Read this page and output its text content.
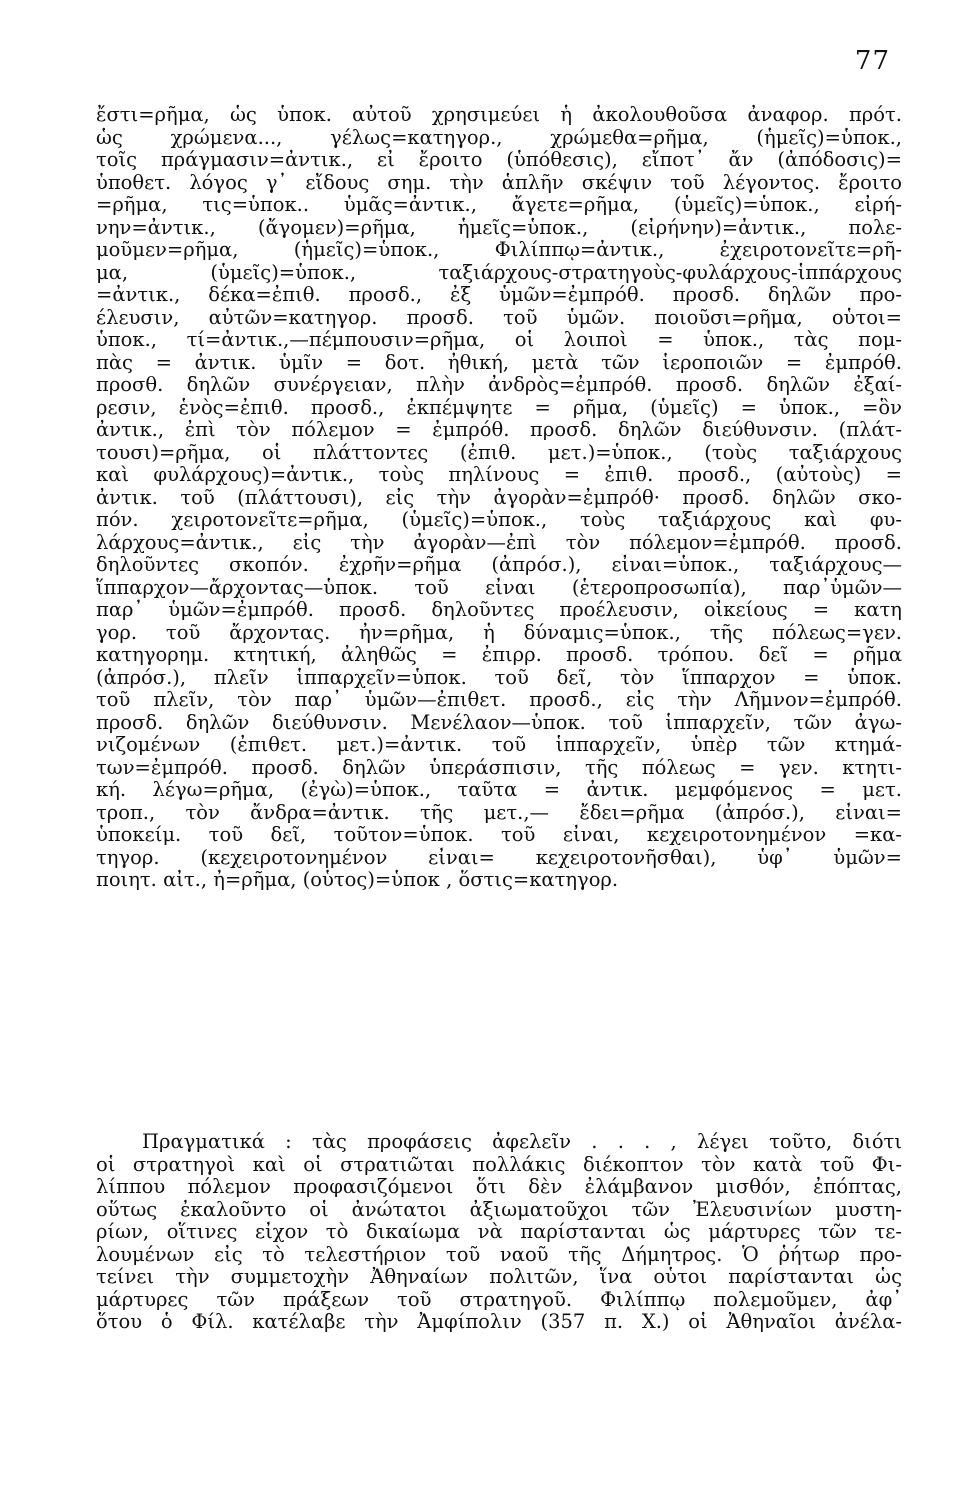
77
ἔστι=ρῆμα, ὡς ὑποκ. αὐτοῦ χρησιμεύει ἡ ἀκολουθοῦσα ἀναφορ. πρότ.
ὡς χρώμενα..., γέλως=κατηγορ., χρώμεθα=ρῆμα, (ἡμεῖς)=ὑποκ.,
τοῖς πράγμασιν=ἀντικ., εἰ ἔροιτο (ὑπόθεσις), εἴποτ᾽ ἄν (ἀπόδοσις)=
ὑποθετ. λόγος γ᾽ εἴδους σημ. τὴν ἁπλῆν σκέψιν τοῦ λέγοντος. ἔροιτο
=ρῆμα, τις=ὑποκ.. ὑμᾶς=ἀντικ., ἄγετε=ρῆμα, (ὑμεῖς)=ὑποκ., εἰρή-
νην=ἀντικ., (ἄγομεν)=ρῆμα, ἡμεῖς=ὑποκ., (εἰρήνην)=ἀντικ., πολε-
μοῦμεν=ρῆμα, (ἡμεῖς)=ὑποκ., Φιλίππῳ=ἀντικ., ἐχειροτονεῖτε=ρῆ-
μα, (ὑμεῖς)=ὑποκ., ταξιάρχους-στρατηγοὺς-φυλάρχους-ἱππάρχους
=ἀντικ., δέκα=ἐπιθ. προσδ., ἐξ ὑμῶν=ἐμπρόθ. προσδ. δηλῶν προ-
έλευσιν, αὐτῶν=κατηγορ. προσδ. τοῦ ὑμῶν. ποιοῦσι=ρῆμα, οὗτοι=
ὑποκ., τί=ἀντικ.,—πέμπουσιν=ρῆμα, οἱ λοιποὶ = ὑποκ., τὰς πομ-
πὰς = ἀντικ. ὑμῖν = δοτ. ἠθική, μετὰ τῶν ἱεροποιῶν = ἐμπρόθ.
προσθ. δηλῶν συνέργειαν, πλὴν ἀνδρὸς=ἐμπρόθ. προσδ. δηλῶν ἐξαί-
ρεσιν, ἑνὸς=ἐπιθ. προσδ., ἐκπέμψητε = ρῆμα, (ὑμεῖς) = ὑποκ., =ὃν
ἀντικ., ἐπὶ τὸν πόλεμον = ἐμπρόθ. προσδ. δηλῶν διεύθυνσιν. (πλάτ-
τουσι)=ρῆμα, οἱ πλάττοντες (ἐπιθ. μετ.)=ὑποκ., (τοὺς ταξιάρχους
καὶ φυλάρχους)=ἀντικ., τοὺς πηλίνους = ἐπιθ. προσδ., (αὐτοὺς) =
ἀντικ. τοῦ (πλάττουσι), εἰς τὴν ἀγορὰν=ἐμπρόθ· προσδ. δηλῶν σκο-
πόν. χειροτονεῖτε=ρῆμα, (ὑμεῖς)=ὑποκ., τοὺς ταξιάρχους καὶ φυ-
λάρχους=ἀντικ., εἰς τὴν ἀγορὰν—ἐπὶ τὸν πόλεμον=ἐμπρόθ. προσδ.
δηλοῦντες σκοπόν. ἐχρῆν=ρῆμα (ἀπρόσ.), εἶναι=ὑποκ., ταξιάρχους—
ἵππαρχον—ἄρχοντας—ὑποκ. τοῦ εἶναι (ἑτεροπροσωπία), παρ᾽ὑμῶν—
παρ᾽ ὑμῶν=ἐμπρόθ. προσδ. δηλοῦντες προέλευσιν, οἰκείους = κατη
γορ. τοῦ ἄρχοντας. ἦν=ρῆμα, ἡ δύναμις=ὑποκ., τῆς πόλεως=γεν.
κατηγορημ. κτητική, ἀληθῶς = ἐπιρρ. προσδ. τρόπου. δεῖ = ρῆμα
(ἀπρόσ.), πλεῖν ἱππαρχεῖν=ὑποκ. τοῦ δεῖ, τὸν ἵππαρχον = ὑποκ.
τοῦ πλεῖν, τὸν παρ᾽ ὑμῶν—ἐπιθετ. προσδ., εἰς τὴν Λῆμνον=ἐμπρόθ.
προσδ. δηλῶν διεύθυνσιν. Μενέλαον—ὑποκ. τοῦ ἱππαρχεῖν, τῶν ἀγω-
νιζομένων (ἐπιθετ. μετ.)=ἀντικ. τοῦ ἱππαρχεῖν, ὑπὲρ τῶν κτημά-
των=ἐμπρόθ. προσδ. δηλῶν ὑπεράσπισιν, τῆς πόλεως = γεν. κτητι-
κή. λέγω=ρῆμα, (ἐγὼ)=ὑποκ., ταῦτα = ἀντικ. μεμφόμενος = μετ.
τροπ., τὸν ἄνδρα=ἀντικ. τῆς μετ.,— ἔδει=ρῆμα (ἀπρόσ.), εἶναι=
ὑποκείμ. τοῦ δεῖ, τοῦτον=ὑποκ. τοῦ εἶναι, κεχειροτονημένον =κα-
τηγορ. (κεχειροτονημένον εἶναι= κεχειροτονῆσθαι), ὑφ᾽ ὑμῶν=
ποιητ. αἰτ., ἦ=ρῆμα, (οὗτος)=ὑποκ , ὅστις=κατηγορ.
Πραγματικά : τὰς προφάσεις ἀφελεῖν . . . , λέγει τοῦτο, διότι
οἱ στρατηγοὶ καὶ οἱ στρατιῶται πολλάκις διέκοπτον τὸν κατὰ τοῦ Φι-
λίππου πόλεμον προφασιζόμενοι ὅτι δὲν ἐλάμβανον μισθόν, ἐπόπτας,
οὕτως ἐκαλοῦντο οἱ ἀνώτατοι ἀξιωματοῦχοι τῶν Ἐλευσινίων μυστη-
ρίων, οἵτινες εἶχον τὸ δικαίωμα νὰ παρίστανται ὡς μάρτυρες τῶν τε-
λουμένων εἰς τὸ τελεστήριον τοῦ ναοῦ τῆς Δήμητρος. Ὁ ῥήτωρ προ-
τείνει τὴν συμμετοχὴν Ἀθηναίων πολιτῶν, ἵνα οὗτοι παρίστανται ὡς
μάρτυρες τῶν πράξεων τοῦ στρατηγοῦ. Φιλίππῳ πολεμοῦμεν, ἀφ᾽
ὅτου ὁ Φίλ. κατέλαβε τὴν Ἀμφίπολιν (357 π. Χ.) οἱ Ἀθηναῖοι ἀνέλα-
